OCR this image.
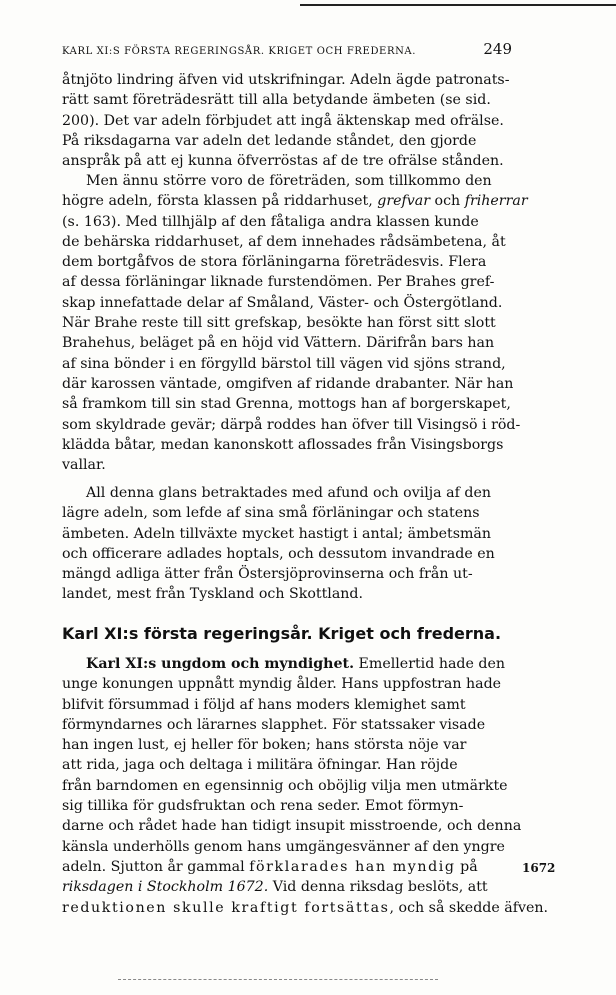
KARL XI:S FÖRSTA REGERINGSÅR. KRIGET OCH FREDERNA.	249

åtnjöto lindring äfven vid utskrifningar. Adeln ägde patronats-
rätt samt företrädesrätt till alla betydande ämbeten (se sid.
200). Det var adeln förbjudet att ingå äktenskap med ofrälse.
På riksdagarna var adeln det ledande ståndet, den gjorde
anspråk på att ej kunna öfverröstas af de tre ofrälse stånden.

Men ännu större voro de företräden, som tillkommo den
högre adeln, första klassen på riddarhuset, grefvar och friherrar
(s. 163). Med tillhjälp af den fåtaliga andra klassen kunde
de behärska riddarhuset, af dem innehades rådsämbetena, åt
dem bortgåfvos de stora förläningarna företrädesvis. Flera
af dessa förläningar liknade furstendömen. Per Brahes gref-
skap innefattade delar af Småland, Väster- och Östergötland.
När Brahe reste till sitt grefskap, besökte han först sitt slott
Brahehus, beläget på en höjd vid Vättern. Därifrån bars han
af sina bönder i en förgylld bärstol till vägen vid sjöns strand,
där karossen väntade, omgifven af ridande drabanter. När han
så framkom till sin stad Grenna, mottogs han af borgerskapet,
som skyldrade gevär; därpå roddes han öfver till Visingsö i röd-
klädda båtar, medan kanonskott aflossades från Visingsborgs
vallar.

All denna glans betraktades med afund och ovilja af den
lägre adeln, som lefde af sina små förläningar och statens
ämbeten. Adeln tillväxte mycket hastigt i antal; ämbetsmän
och officerare adlades hoptals, och dessutom invandrade en
mängd adliga ätter från Östersjöprovinserna och från ut-
landet, mest från Tyskland och Skottland.

Karl XI:s första regeringsår. Kriget och frederna.

Karl XI:s ungdom och myndighet. Emellertid hade den
unge konungen uppnått myndig ålder. Hans uppfostran hade
blifvit försummad i följd af hans moders klemighet samt
förmyndarnes och lärarnes slapphet. För statssaker visade
han ingen lust, ej heller för boken; hans största nöje var
att rida, jaga och deltaga i militära öfningar. Han röjde
från barndomen en egensinnig och oböjlig vilja men utmärkte
sig tillika för gudsfruktan och rena seder. Emot förmyn-
darne och rådet hade han tidigt insupit misstroende, och denna
känsla underhölls genom hans umgängesvänner af den yngre
adeln. Sjutton år gammal förklarades han myndig på
riksdagen i Stockholm 1672. Vid denna riksdag beslöts, att
reduktionen skulle kraftigt fortsättas, och så skedde äfven.

1672
